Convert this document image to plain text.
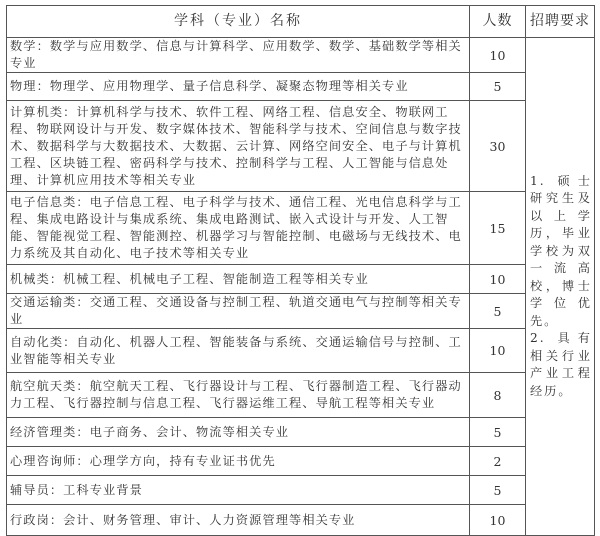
学科（专业）名称	人数	招聘要求
数学：数学与应用数学、信息与计算科学、应用数学、数学、基础数学等相关专业	10	1. 硕士研究生及以上学历，毕业学校为双一流高校，博士学位优先。
2. 具有相关行业产业工程经历。

物理：物理学、应用物理学、量子信息科学、凝聚态物理等相关专业	5	
计算机类：计算机科学与技术、软件工程、网络工程、信息安全、物联网工程、物联网设计与开发、数字媒体技术、智能科学与技术、空间信息与数字技术、数据科学与大数据技术、大数据、云计算、网络空间安全、电子与计算机工程、区块链工程、密码科学与技术、控制科学与工程、人工智能与信息处理、计算机应用技术等相关专业	30	
电子信息类：电子信息工程、电子科学与技术、通信工程、光电信息科学与工程、集成电路设计与集成系统、集成电路测试、嵌入式设计与开发、人工智能、智能视觉工程、智能测控、机器学习与智能控制、电磁场与无线技术、电力系统及其自动化、电子技术等相关专业	15	
机械类：机械工程、机械电子工程、智能制造工程等相关专业	10	
交通运输类：交通工程、交通设备与控制工程、轨道交通电气与控制等相关专业	5	
自动化类：自动化、机器人工程、智能装备与系统、交通运输信号与控制、工业智能等相关专业	10	
航空航天类：航空航天工程、飞行器设计与工程、飞行器制造工程、飞行器动力工程、飞行器控制与信息工程、飞行器运维工程、导航工程等相关专业	8	
经济管理类：电子商务、会计、物流等相关专业	5	
心理咨询师：心理学方向，持有专业证书优先	2	
辅导员：工科专业背景	5	
行政岗：会计、财务管理、审计、人力资源管理等相关专业	10	
